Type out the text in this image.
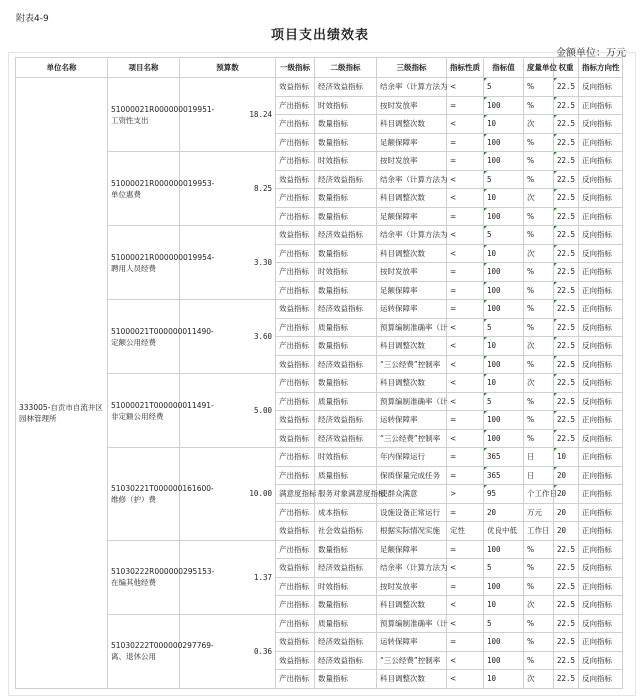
附表4-9
项目支出绩效表
金额单位：万元
单位名称	项目名称	预算数	一级指标	二级指标	三级指标	指标性质	指标值	度量单位	权重	指标方向性
333005-自贡市自流井区园林管理所	51000021R000000019951-工资性支出	18.24	效益指标	经济效益指标	结余率（计算方法为	<	5	%	22.5	反向指标
			产出指标	时效指标	按时发放率	=	100	%	22.5	正向指标
			产出指标	数量指标	科目调整次数	<	10	次	22.5	反向指标
			产出指标	数量指标	足额保障率	=	100	%	22.5	正向指标
	51000021R000000019953-单位惠费	8.25	产出指标	时效指标	按时发放率	=	100	%	22.5	正向指标
			效益指标	经济效益指标	结余率（计算方法为	<	5	%	22.5	反向指标
			产出指标	数量指标	科目调整次数	<	10	次	22.5	反向指标
			产出指标	数量指标	足额保障率	=	100	%	22.5	正向指标
	51000021R000000019954-聘用人员经费	3.30	效益指标	经济效益指标	结余率（计算方法为	<	5	%	22.5	反向指标
			产出指标	数量指标	科目调整次数	<	10	次	22.5	反向指标
			产出指标	时效指标	按时发放率	=	100	%	22.5	正向指标
			产出指标	数量指标	足额保障率	=	100	%	22.5	正向指标
	51000021T000000011490-定额公用经费	3.60	效益指标	经济效益指标	运转保障率	=	100	%	22.5	正向指标
			产出指标	质量指标	预算编制准确率（计	<	5	%	22.5	反向指标
			产出指标	数量指标	科目调整次数	<	10	次	22.5	反向指标
			效益指标	经济效益指标	“三公经费”控制率	<	100	%	22.5	反向指标
	51000021T000000011491-非定额公用经费	5.00	产出指标	数量指标	科目调整次数	<	10	次	22.5	反向指标
			产出指标	质量指标	预算编制准确率（计	<	5	%	22.5	反向指标
			效益指标	经济效益指标	运转保障率	=	100	%	22.5	正向指标
			效益指标	经济效益指标	“三公经费”控制率	<	100	%	22.5	反向指标
	51030221T000000161600-维修（护）费	10.00	产出指标	时效指标	年内保障运行	=	365	日	10	正向指标
			产出指标	质量指标	保质保量完成任务	=	365	日	20	正向指标
			满意度指标	服务对象满意度指标	使群众满意	>	95	个工作日	20	正向指标
			产出指标	成本指标	设施设备正常运行	=	20	万元	20	正向指标
			效益指标	社会效益指标	根据实际情况实施	定性	优良中低	工作日	20	正向指标
	51030222R000000295153-在编其他经费	1.37	产出指标	数量指标	足额保障率	=	100	%	22.5	正向指标
			效益指标	经济效益指标	结余率（计算方法为	<	5	%	22.5	反向指标
			产出指标	时效指标	按时发放率	=	100	%	22.5	正向指标
			产出指标	数量指标	科目调整次数	<	10	次	22.5	反向指标
	51030222T000000297769-离、退休公用	0.36	产出指标	质量指标	预算编制准确率（计	<	5	%	22.5	反向指标
			效益指标	经济效益指标	运转保障率	=	100	%	22.5	正向指标
			效益指标	经济效益指标	“三公经费”控制率	<	100	%	22.5	反向指标
			产出指标	数量指标	科目调整次数	<	10	次	22.5	反向指标
